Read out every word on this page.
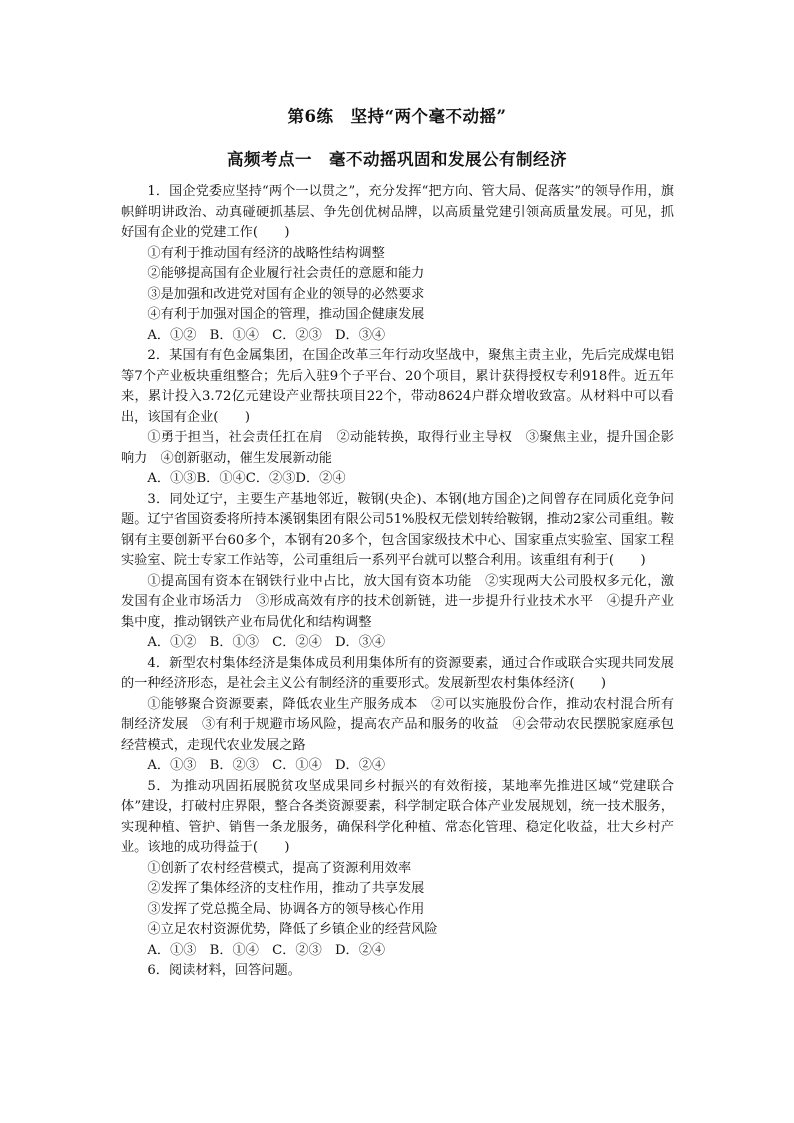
第6练　坚持“两个毫不动摇”
高频考点一　毫不动摇巩固和发展公有制经济

1．国企党委应坚持“两个一以贯之”，充分发挥“把方向、管大局、促落实”的领导作用，旗帜鲜明讲政治、动真碰硬抓基层、争先创优树品牌，以高质量党建引领高质量发展。可见，抓好国有企业的党建工作(　　)

①有利于推动国有经济的战略性结构调整

②能够提高国有企业履行社会责任的意愿和能力

③是加强和改进党对国有企业的领导的必然要求

④有利于加强对国企的管理，推动国企健康发展

A．①②　B．①④　C．②③　D．③④

2．某国有有色金属集团，在国企改革三年行动攻坚战中，聚焦主责主业，先后完成煤电铝等7个产业板块重组整合；先后入驻9个子平台、20个项目，累计获得授权专利918件。近五年来，累计投入3.72亿元建设产业帮扶项目22个，带动8624户群众增收致富。从材料中可以看出，该国有企业(　　)

①勇于担当，社会责任扛在肩　②动能转换，取得行业主导权　③聚焦主业，提升国企影响力　④创新驱动，催生发展新动能

A．①③B．①④C．②③D．②④

3．同处辽宁，主要生产基地邻近，鞍钢(央企)、本钢(地方国企)之间曾存在同质化竞争问题。辽宁省国资委将所持本溪钢集团有限公司51%股权无偿划转给鞍钢，推动2家公司重组。鞍钢有主要创新平台60多个，本钢有20多个，包含国家级技术中心、国家重点实验室、国家工程实验室、院士专家工作站等，公司重组后一系列平台就可以整合利用。该重组有利于(　　)

①提高国有资本在钢铁行业中占比，放大国有资本功能　②实现两大公司股权多元化，激发国有企业市场活力　③形成高效有序的技术创新链，进一步提升行业技术水平　④提升产业集中度，推动钢铁产业布局优化和结构调整

A．①②　B．①③　C．②④　D．③④

4．新型农村集体经济是集体成员利用集体所有的资源要素，通过合作或联合实现共同发展的一种经济形态，是社会主义公有制经济的重要形式。发展新型农村集体经济(　　)

①能够聚合资源要素，降低农业生产服务成本　②可以实施股份合作，推动农村混合所有制经济发展　③有利于规避市场风险，提高农产品和服务的收益　④会带动农民摆脱家庭承包经营模式，走现代农业发展之路

A．①③　B．②③　C．①④　D．②④

5．为推动巩固拓展脱贫攻坚成果同乡村振兴的有效衔接，某地率先推进区域“党建联合体”建设，打破村庄界限，整合各类资源要素，科学制定联合体产业发展规划，统一技术服务，实现种植、管护、销售一条龙服务，确保科学化种植、常态化管理、稳定化收益，壮大乡村产业。该地的成功得益于(　　)

①创新了农村经营模式，提高了资源利用效率

②发挥了集体经济的支柱作用，推动了共享发展

③发挥了党总揽全局、协调各方的领导核心作用

④立足农村资源优势，降低了乡镇企业的经营风险

A．①③　B．①④　C．②③　D．②④

6．阅读材料，回答问题。
